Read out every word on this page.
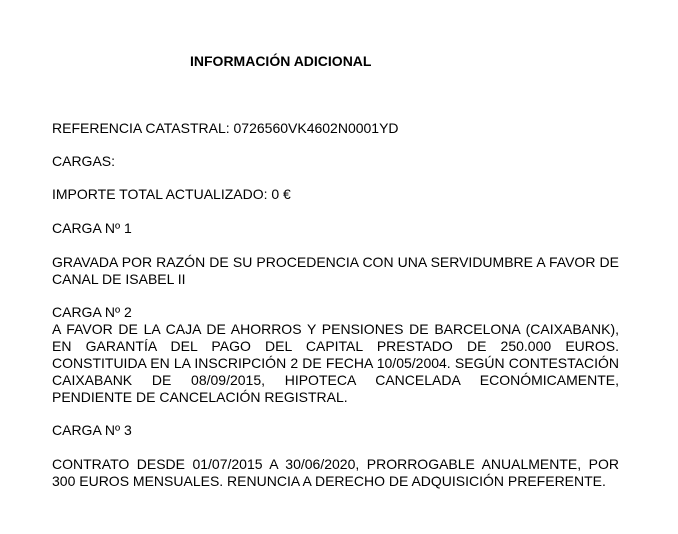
INFORMACIÓN ADICIONAL
REFERENCIA CATASTRAL: 0726560VK4602N0001YD
CARGAS:
IMPORTE TOTAL ACTUALIZADO: 0 €
CARGA Nº 1
GRAVADA POR RAZÓN DE SU PROCEDENCIA CON UNA SERVIDUMBRE A FAVOR DE CANAL DE ISABEL II
CARGA Nº 2
A FAVOR DE LA CAJA DE AHORROS Y PENSIONES DE BARCELONA (CAIXABANK), EN GARANTÍA DEL PAGO DEL CAPITAL PRESTADO DE 250.000 EUROS. CONSTITUIDA EN LA INSCRIPCIÓN 2 DE FECHA 10/05/2004. SEGÚN CONTESTACIÓN CAIXABANK DE 08/09/2015, HIPOTECA CANCELADA ECONÓMICAMENTE, PENDIENTE DE CANCELACIÓN REGISTRAL.
CARGA Nº 3
CONTRATO DESDE 01/07/2015 A 30/06/2020, PRORROGABLE ANUALMENTE, POR 300 EUROS MENSUALES. RENUNCIA A DERECHO DE ADQUISICIÓN PREFERENTE.
